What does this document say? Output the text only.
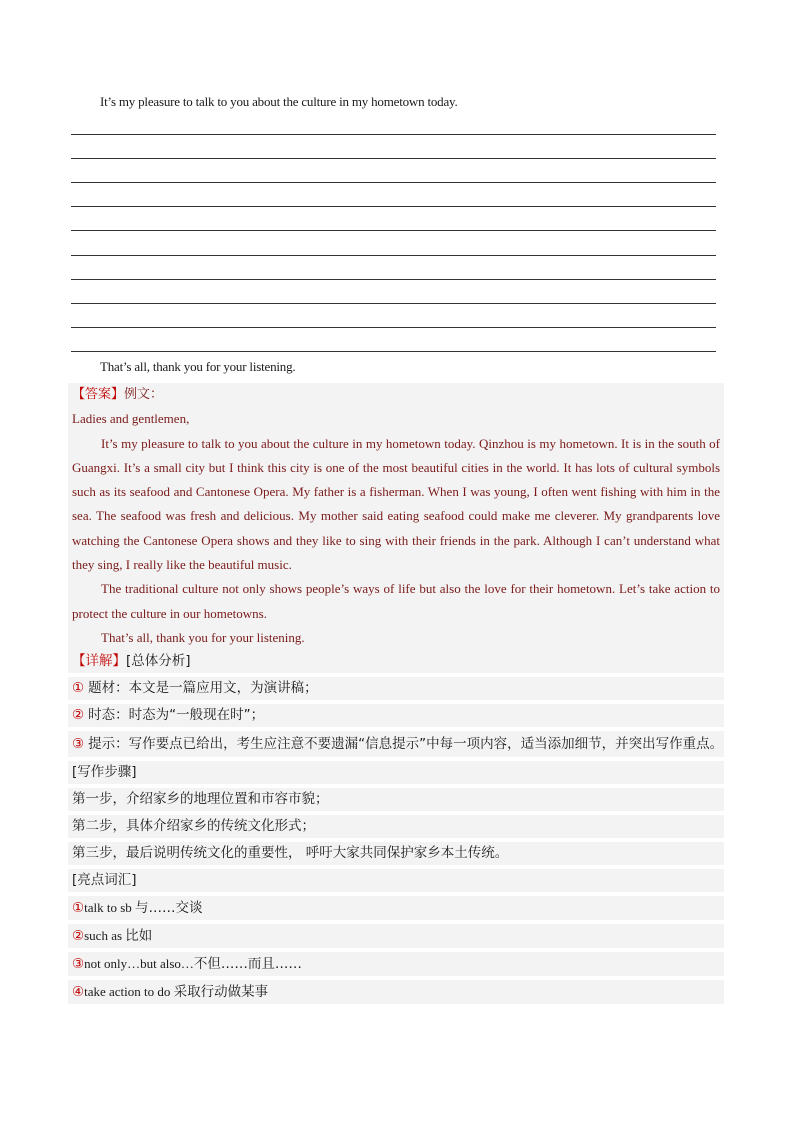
It’s my pleasure to talk to you about the culture in my hometown today.
That’s all, thank you for your listening.
【答案】例文：
Ladies and gentlemen,
It’s my pleasure to talk to you about the culture in my hometown today. Qinzhou is my hometown. It is in the south of Guangxi. It’s a small city but I think this city is one of the most beautiful cities in the world. It has lots of cultural symbols such as its seafood and Cantonese Opera. My father is a fisherman. When I was young, I often went fishing with him in the sea. The seafood was fresh and delicious. My mother said eating seafood could make me cleverer. My grandparents love watching the Cantonese Opera shows and they like to sing with their friends in the park. Although I can’t understand what they sing, I really like the beautiful music.
The traditional culture not only shows people’s ways of life but also the love for their hometown. Let’s take action to protect the culture in our hometowns.
That’s all, thank you for your listening.
【详解】[总体分析]
① 题材：本文是一篇应用文，为演讲稿；
② 时态：时态为“一般现在时”；
③ 提示：写作要点已给出，考生应注意不要遗漏“信息提示”中每一项内容，适当添加细节，并突出写作重点。
[写作步骤]
第一步，介绍家乡的地理位置和市容市貌；
第二步，具体介绍家乡的传统文化形式；
第三步，最后说明传统文化的重要性， 呼吁大家共同保护家乡本土传统。
[亮点词汇]
①talk to sb 与……交谈
②such as 比如
③not only…but also…不但……而且……
④take action to do 采取行动做某事
